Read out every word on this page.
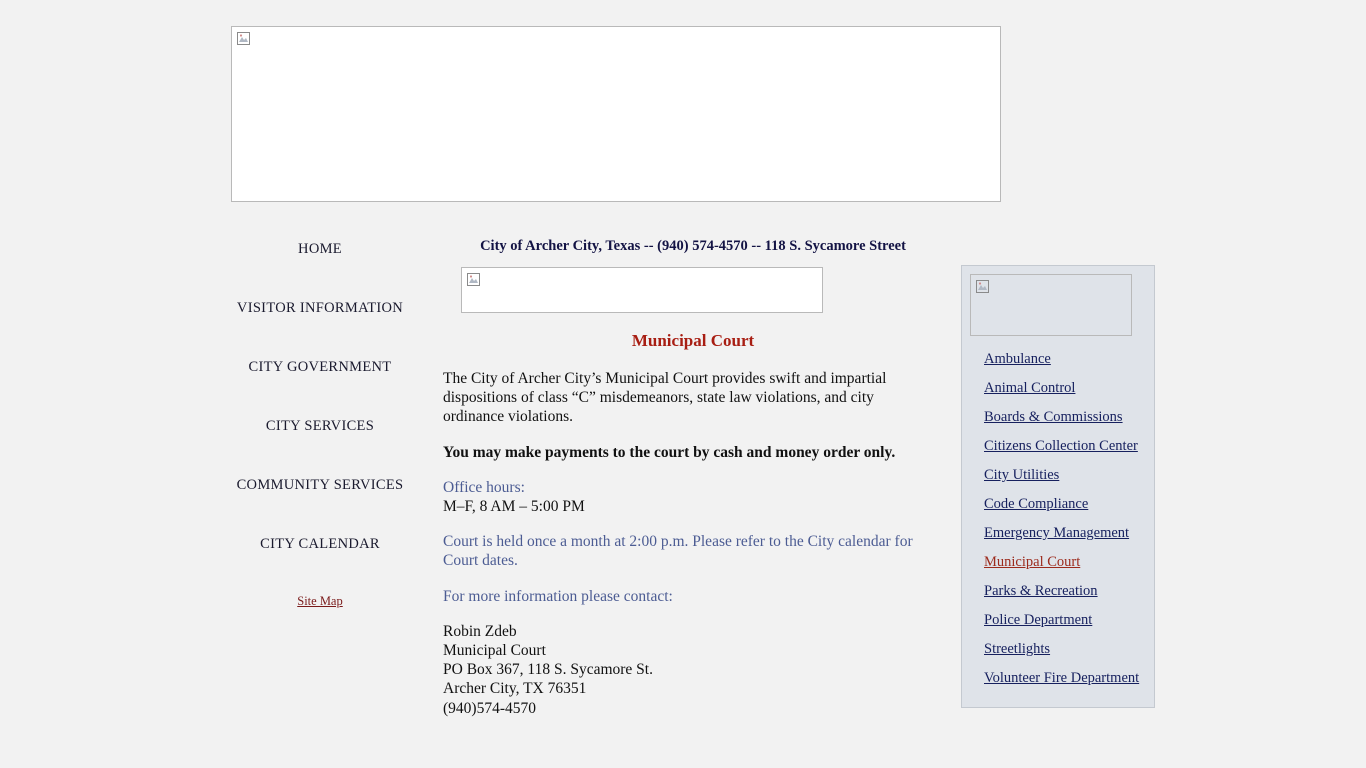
HOME
VISITOR INFORMATION
CITY GOVERNMENT
CITY SERVICES
COMMUNITY SERVICES
CITY CALENDAR
Site Map
City of Archer City, Texas -- (940) 574-4570 -- 118 S. Sycamore Street
Municipal Court

The City of Archer City’s Municipal Court provides swift and impartial dispositions of class “C” misdemeanors, state law violations, and city ordinance violations.

You may make payments to the court by cash and money order only.

Office hours:
M–F, 8 AM – 5:00 PM

Court is held once a month at 2:00 p.m. Please refer to the City calendar for Court dates.

For more information please contact:

Robin Zdeb
Municipal Court
PO Box 367, 118 S. Sycamore St.
Archer City, TX 76351
(940)574-4570
Ambulance
Animal Control
Boards & Commissions
Citizens Collection Center
City Utilities
Code Compliance
Emergency Management
Municipal Court
Parks & Recreation
Police Department
Streetlights
Volunteer Fire Department
